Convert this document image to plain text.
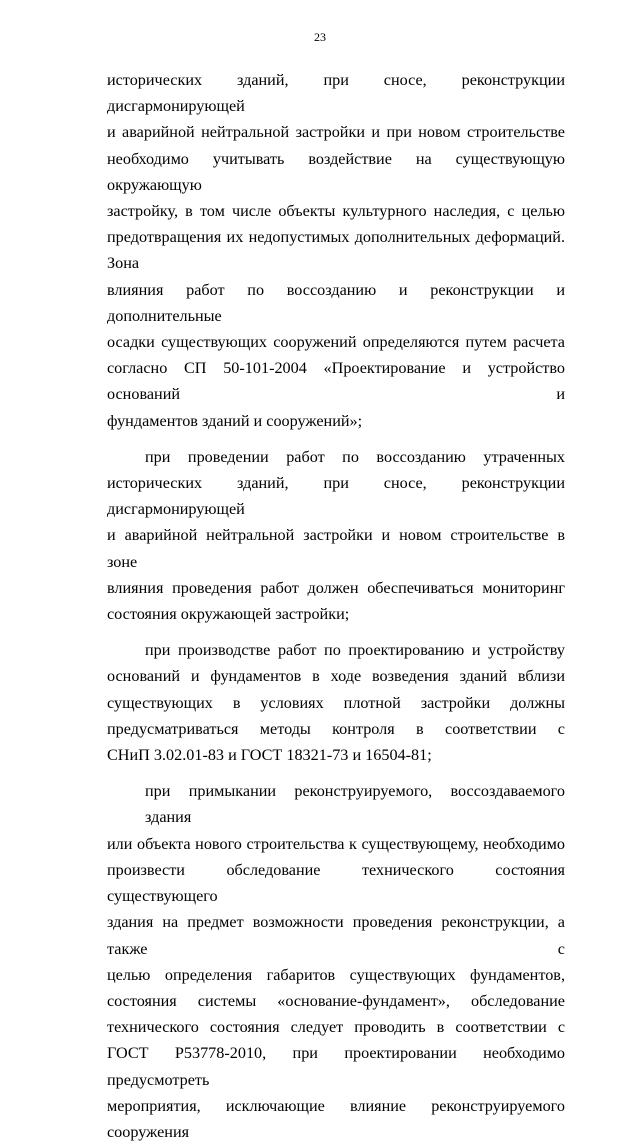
23
исторических зданий, при сносе, реконструкции дисгармонирующей
и аварийной нейтральной застройки и при новом строительстве
необходимо учитывать воздействие на существующую окружающую
застройку, в том числе объекты культурного наследия, с целью
предотвращения их недопустимых дополнительных деформаций. Зона
влияния работ по воссозданию и реконструкции и дополнительные
осадки существующих сооружений определяются путем расчета
согласно СП 50-101-2004 «Проектирование и устройство оснований и
фундаментов зданий и сооружений»;
при проведении работ по воссозданию утраченных
исторических зданий, при сносе, реконструкции дисгармонирующей
и аварийной нейтральной застройки и новом строительстве в зоне
влияния проведения работ должен обеспечиваться мониторинг
состояния окружающей застройки;
при производстве работ по проектированию и устройству
оснований и фундаментов в ходе возведения зданий вблизи
существующих в условиях плотной застройки должны
предусматриваться методы контроля в соответствии с
СНиП 3.02.01-83 и ГОСТ 18321-73 и 16504-81;
при примыкании реконструируемого, воссоздаваемого здания
или объекта нового строительства к существующему, необходимо
произвести обследование технического состояния существующего
здания на предмет возможности проведения реконструкции, а также с
целью определения габаритов существующих фундаментов,
состояния системы «основание-фундамент», обследование
технического состояния следует проводить в соответствии с
ГОСТ Р53778-2010, при проектировании необходимо предусмотреть
мероприятия, исключающие влияние реконструируемого сооружения
